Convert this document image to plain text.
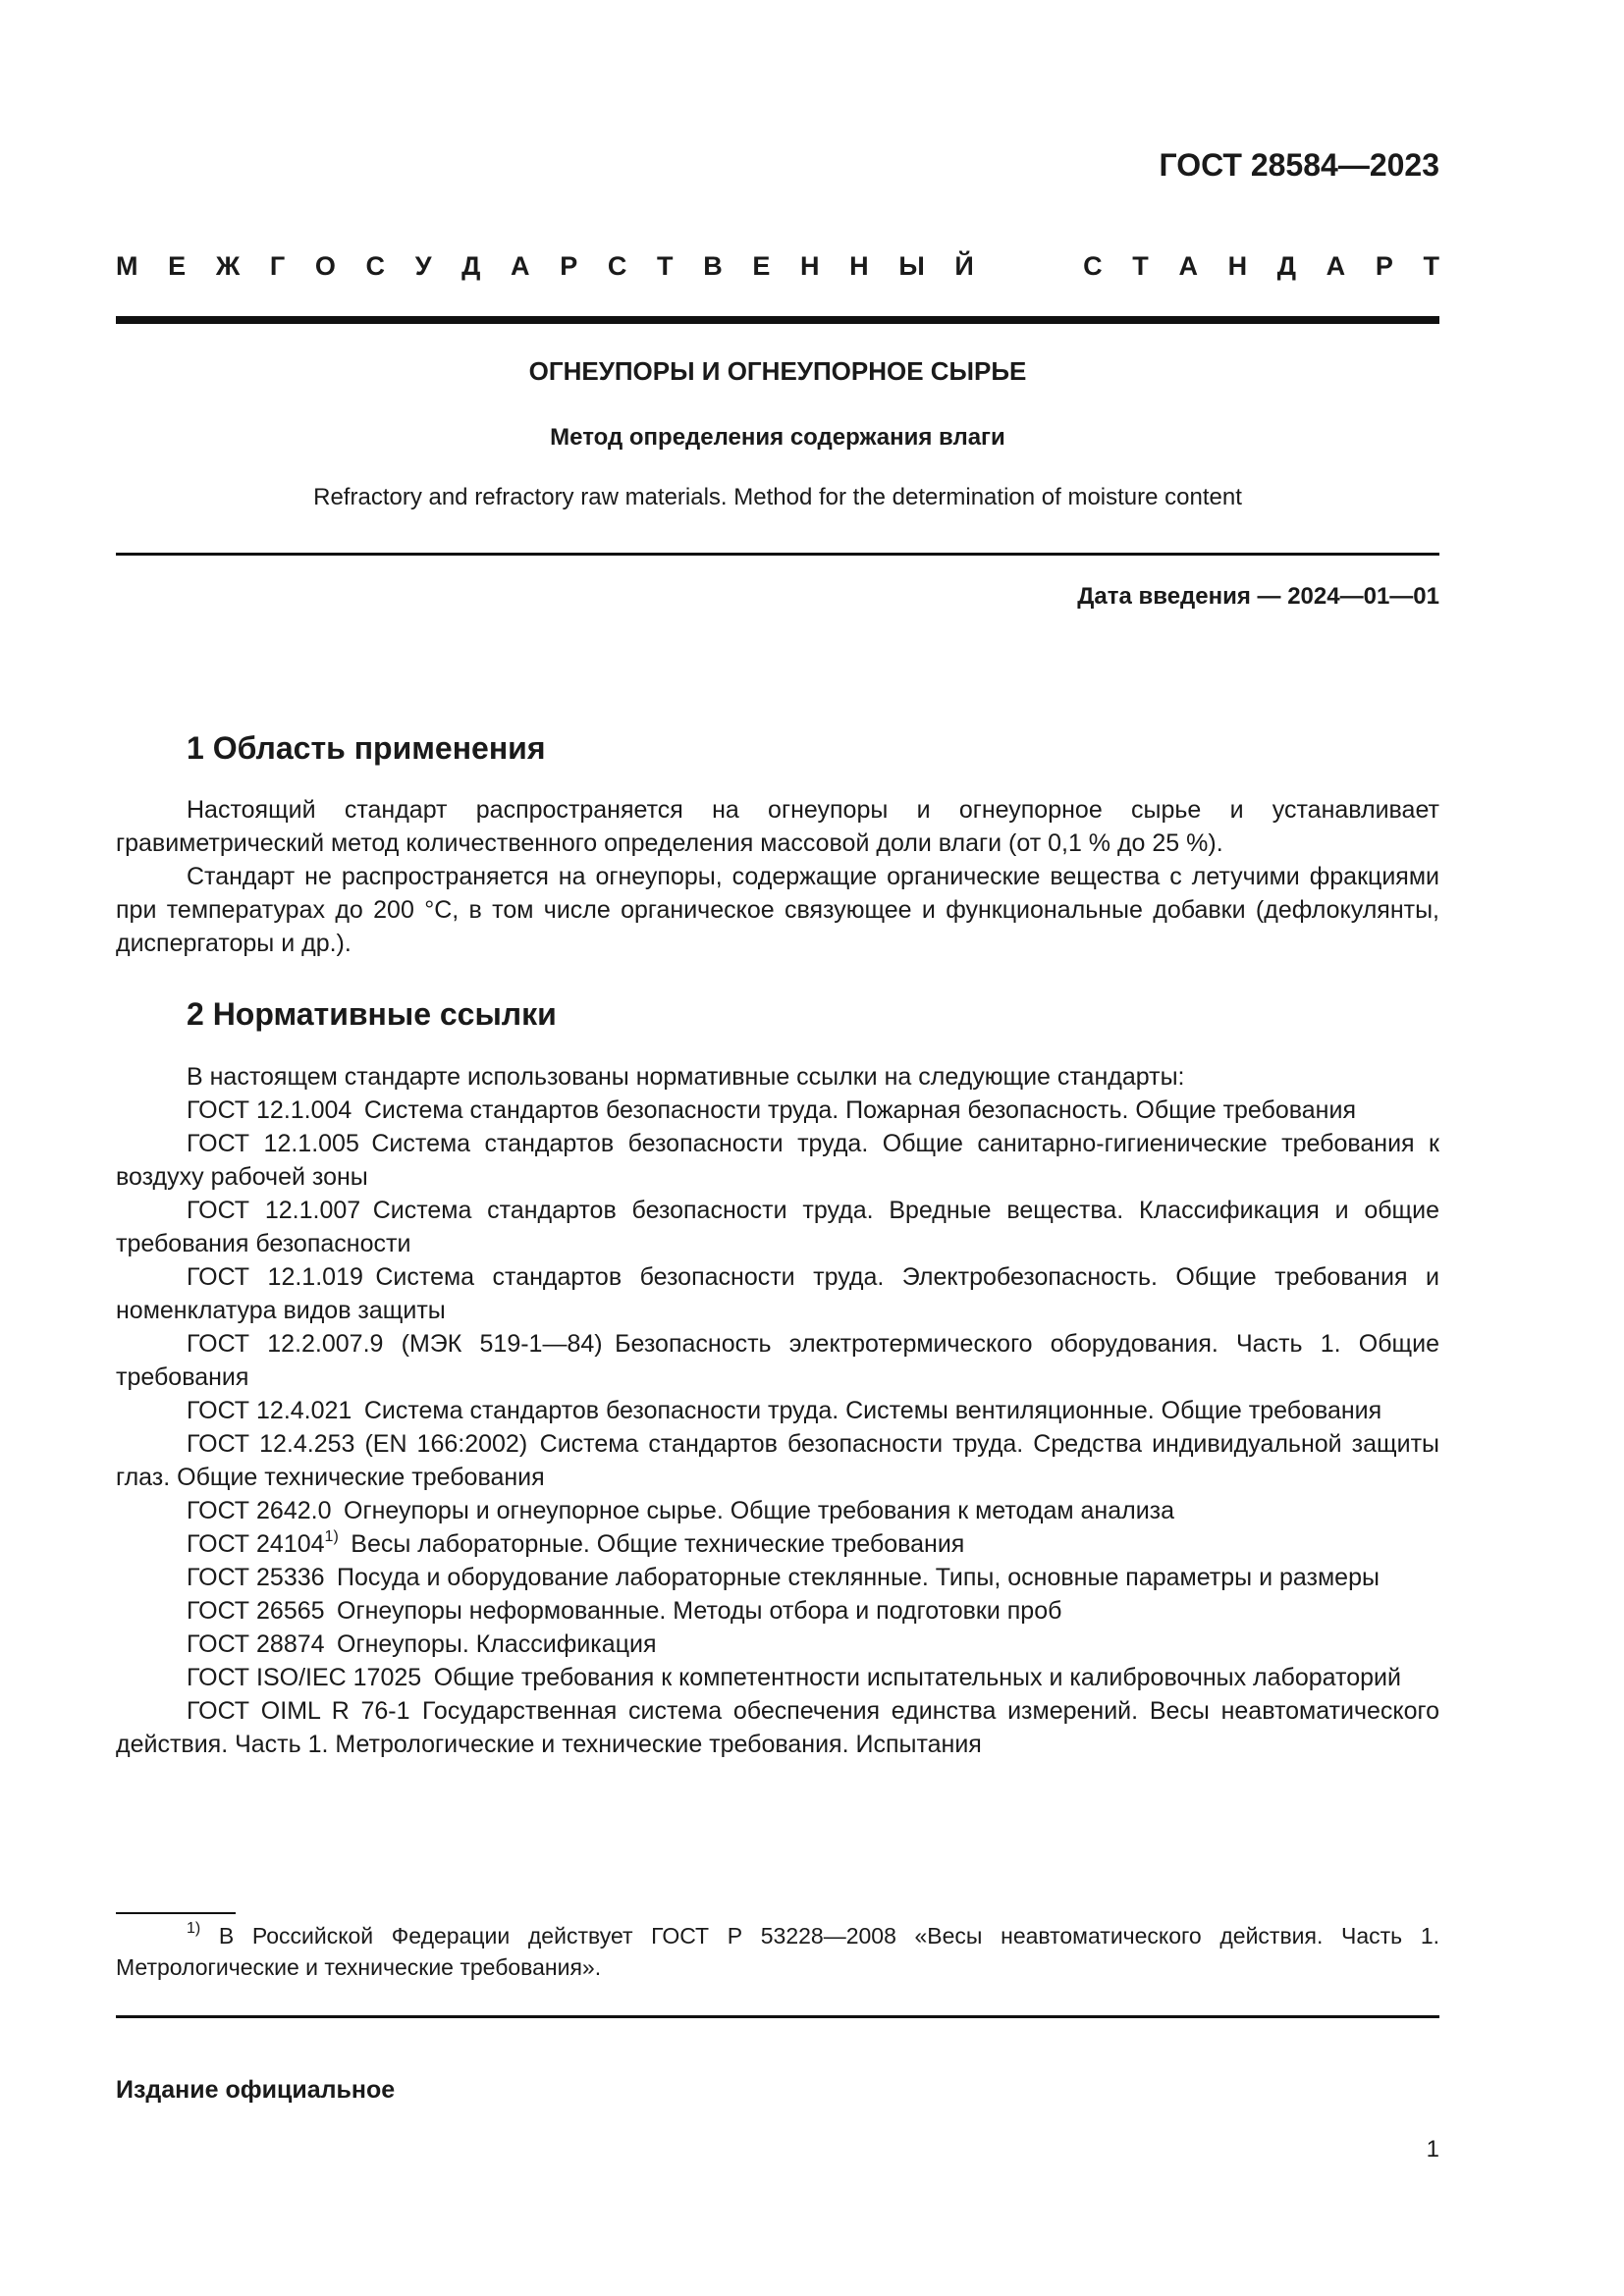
ГОСТ 28584—2023
М Е Ж Г О С У Д А Р С Т В Е Н Н Ы Й	С Т А Н Д А Р Т
ОГНЕУПОРЫ И ОГНЕУПОРНОЕ СЫРЬЕ
Метод определения содержания влаги
Refractory and refractory raw materials. Method for the determination of moisture content
Дата введения — 2024—01—01
1 Область применения

Настоящий стандарт распространяется на огнеупоры и огнеупорное сырье и устанавливает гравиметрический метод количественного определения массовой доли влаги (от 0,1 % до 25 %).

Стандарт не распространяется на огнеупоры, содержащие органические вещества с летучими фракциями при температурах до 200 °С, в том числе органическое связующее и функциональные добавки (дефлокулянты, диспергаторы и др.).

2 Нормативные ссылки

В настоящем стандарте использованы нормативные ссылки на следующие стандарты:

ГОСТ 12.1.004  Система стандартов безопасности труда. Пожарная безопасность. Общие требования

ГОСТ 12.1.005  Система стандартов безопасности труда. Общие санитарно-гигиенические требования к воздуху рабочей зоны

ГОСТ 12.1.007  Система стандартов безопасности труда. Вредные вещества. Классификация и общие требования безопасности

ГОСТ 12.1.019  Система стандартов безопасности труда. Электробезопасность. Общие требования и номенклатура видов защиты

ГОСТ 12.2.007.9 (МЭК 519-1—84)  Безопасность электротермического оборудования. Часть 1. Общие требования

ГОСТ 12.4.021  Система стандартов безопасности труда. Системы вентиляционные. Общие требования

ГОСТ 12.4.253 (EN 166:2002)  Система стандартов безопасности труда. Средства индивидуальной защиты глаз. Общие технические требования

ГОСТ 2642.0  Огнеупоры и огнеупорное сырье. Общие требования к методам анализа

ГОСТ 24104$^{1)}$  Весы лабораторные. Общие технические требования

ГОСТ 25336  Посуда и оборудование лабораторные стеклянные. Типы, основные параметры и размеры

ГОСТ 26565  Огнеупоры неформованные. Методы отбора и подготовки проб

ГОСТ 28874  Огнеупоры. Классификация

ГОСТ ISO/IEC 17025  Общие требования к компетентности испытательных и калибровочных лабораторий

ГОСТ OIML R 76-1  Государственная система обеспечения единства измерений. Весы неавтоматического действия. Часть 1. Метрологические и технические требования. Испытания

$^{1)}$ В Российской Федерации действует ГОСТ Р 53228—2008 «Весы неавтоматического действия. Часть 1. Метрологические и технические требования».
Издание официальное
1
